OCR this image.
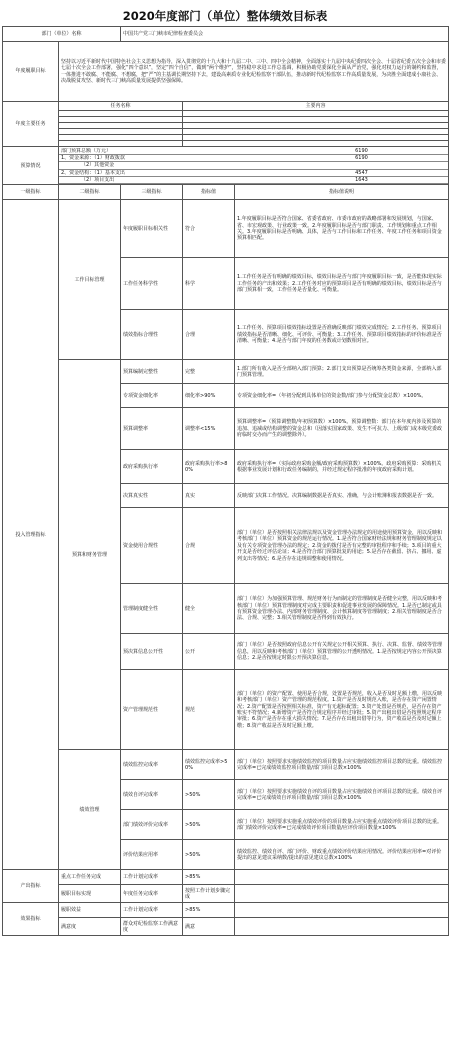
2020年度部门（单位）整体绩效目标表
部门（单位）名称	中国共产党三门峡市纪律检查委员会
年度履职目标	坚持以习近平新时代中国特色社会主义思想为指导，深入贯彻党的十九大和十九届二中、三中、四中全会精神，全面落实十九届中央纪委四次全会、十届省纪委五次全会和市委七届十次全会工作部署，强化“四个意识”，坚定“四个自信”，做到“两个维护”，坚持稳中求进工作总基调，积极协助党委深化全面从严治党，强化对权力运行的制约和监督，一体推进不敢腐、不能腐、不想腐，把“严”的主基调长期坚持下去，建设高素质专业化纪检监察干部队伍，推动新时代纪检监察工作高质量发展，为决胜全面建成小康社会、决战脱贫攻坚、新时代三门峡高质量发展提供坚强保障。
年度主要任务	任务名称	主要内容

预算情况	
部门预算总额（万元）	6190	
1、资金来源：（1）财政拨款	6190	
（2）其他资金		
2、资金结构：（1）基本支出	4547	
（2）项目支出	1643	

一级指标	二级指标	三级指标	指标值	指标值说明
投入管理指标	工作目标管理	年度履职目标相关性	符合	1.年度履职目标是否符合国家、省委省政府、市委市政府的战略部署和发展规划，与国家、省、市宏观政策、行业政策一致。2.年度履职目标是否与部门职责、工作规划和重点工作相关。3.年度履职目标是否明确、具体，是否与工作目标和工作任务、年度工作任务和项目资金预算相匹配。
工作任务科学性	科学	1.工作任务是否有明确的绩效目标，绩效目标是否与部门年度履职目标一致，是否能体现实际工作任务的产出和效果；2.工作任务对应的预算项目是否有明确的绩效目标，绩效目标是否与部门预算相一致，工作任务是否量化、可衡量。
绩效指标合理性	合理	1.工作任务、预算项目绩效指标设置是否准确反映部门绩效完成情况；2.工作任务、预算项目绩效指标是否清晰、细化、可评价、可衡量；3.工作任务、预算项目绩效指标的评价标准是否清晰、可衡量；4.是否与部门年度的任务数或计划数相对应。
预算和财务管理	预算编制完整性	完整	1.部门所有收入是否全部纳入部门预算；2.部门支出预算是否统筹各类资金来源，全部纳入部门预算管理。
专项资金细化率	细化率>90%	专项资金细化率=（年初分配到具体单位的资金数/部门参与分配资金总数）×100%。
预算调整率	调整率<15%	预算调整率=（预算调整数/年初预算数）×100%。预算调整数：部门在本年度内涉及预算的追加、追减或结构调整的资金总和（因落实国家政策、发生不可抗力、上级部门或本级党委政府临时交办而产生的调整除外）。
政府采购执行率	政府采购执行率>80%	政府采购执行率=（实际政府采购金额/政府采购预算数）×100%。政府采购预算：采购机关根据事业发展计划和行政任务编制的，并经过规定程序批准的年度政府采购计划。
决算真实性	真实	反映部门决算工作情况。决算编制数据是否真实、准确，与会计账簿和报表数据是否一致。
资金使用合规性	合规	部门（单位）是否按照相关法律法规以及资金管理办法规定的用途使用预算资金，用以反映和考核部门（单位）预算资金的规范运行情况。1.是否符合国家财经法规和财务管理制度规定以及有关专项资金管理办法的规定；2.资金的拨付是否有完整的审批程序和手续；3.项目的重大开支是否经过评估论证；4.是否符合部门预算批复的用途；5.是否存在截留、挤占、挪用、虚列支出等情况；6.是否存在违规调整和使用情况。
管理制度健全性	健全	部门（单位）为加强预算管理、规范财务行为而制定的管理制度是否健全完整，用以反映和考核部门（单位）预算管理制度对完成主要职责和促进事业发展的保障情况。1.是否已制定或具有预算资金管理办法、内部财务管理制度、会计核算制度等管理制度；2.相关管理制度是否合法、合规、完整；3.相关管理制度是否得到有效执行。
预决算信息公开性	公开	部门（单位）是否按照政府信息公开有关规定公开相关预算、执行、决算、监督、绩效等管理信息，用以反映和考核部门（单位）预算管理的公开透明情况。1.是否按规定内容公开预决算信息；2.是否按规定时限公开预决算信息。
资产管理规范性	规范	部门（单位）的资产配置、使用是否合规，处置是否规范，收入是否及时足额上缴，用以反映和考核部门（单位）资产管理的规范程度。1.资产是否及时规范入账，是否存在资产闲置情况；2.资产配置是否按照相关标准，资产有无超标配置；3.资产处置是否规范，是否存在资产账实不符情况；4.新增资产是否符合规定程序并经过审批；5.资产出租出借是否按照规定程序审批；6.资产是否存在重大损失情况；7.是否存在出租出借等行为，资产收益是否及时足额上缴；8.资产收益是否及时足额上缴。
绩效管理	绩效监控完成率	绩效监控完成率>50%	部门（单位）按照要求实施绩效监控的项目数量占应实施绩效监控项目总数的比重。绩效监控完成率=已完成绩效监控项目数量/部门项目总数×100%
绩效自评完成率	>50%	部门（单位）按照要求实施绩效自评的项目数量占应实施绩效自评项目总数的比重。绩效自评完成率=已完成绩效自评项目数量/部门项目总数×100%
部门绩效评价完成率	>50%	部门（单位）按照要求实施重点绩效评价的项目数量占应实施重点绩效评价项目总数的比重。部门绩效评价完成率=已完成绩效评价项目数量/应评价项目数量×100%
评价结果应用率	>50%	绩效监控、绩效自评、部门评价、财政重点绩效评价结果应用情况。评价结果应用率=对评价提出的意见建议采纳数/提出的意见建议总数×100%
产出指标	重点工作任务完成	工作计划完成率	>85%	
履职目标实现	年度任务完成率	按照工作计划步骤完成	
效果指标	履职效益	工作计划完成率	>85%	
满意度	群众对纪检监察工作满意度	满意	
